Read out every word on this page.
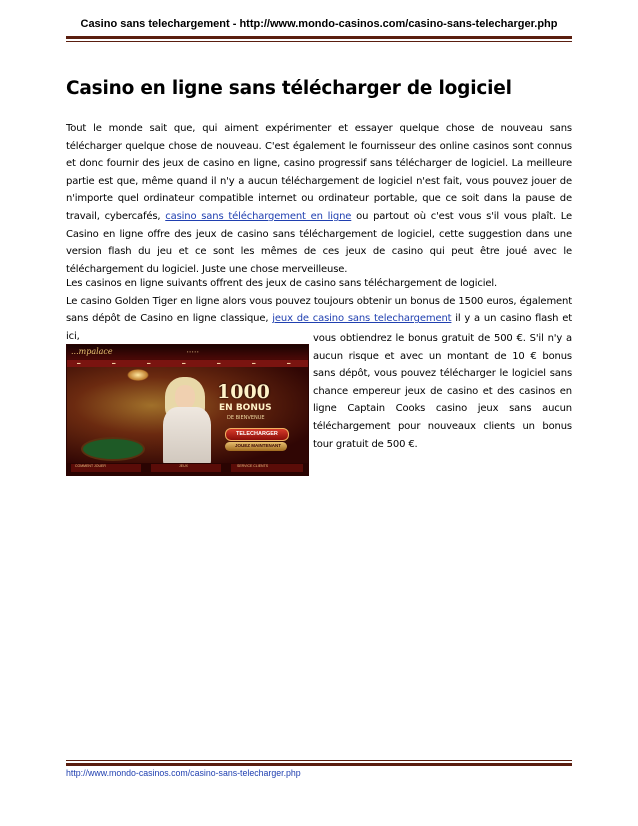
Casino sans telechargement - http://www.mondo-casinos.com/casino-sans-telecharger.php
Casino en ligne sans télécharger de logiciel
Tout le monde sait que, qui aiment expérimenter et essayer quelque chose de nouveau sans télécharger quelque chose de nouveau. C'est également le fournisseur des online casinos sont connus et donc fournir des jeux de casino en ligne, casino progressif sans télécharger de logiciel. La meilleure partie est que, même quand il n'y a aucun téléchargement de logiciel n'est fait, vous pouvez jouer de n'importe quel ordinateur compatible internet ou ordinateur portable, que ce soit dans la pause de travail, cybercafés, casino sans téléchargement en ligne ou partout où c'est vous s'il vous plaît. Le Casino en ligne offre des jeux de casino sans téléchargement de logiciel, cette suggestion dans une version flash du jeu et ce sont les mêmes de ces jeux de casino qui peut être joué avec le téléchargement du logiciel. Juste une chose merveilleuse.
Les casinos en ligne suivants offrent des jeux de casino sans téléchargement de logiciel.
Le casino Golden Tiger en ligne alors vous pouvez toujours obtenir un bonus de 1500 euros, également sans dépôt de Casino en ligne classique, jeux de casino sans telechargement il y a un casino flash et ici,
...mpalace	▪ ▪ ▪ ▪ ▪
▬	▬	▬	▬	▬	▬	▬
1000
EN BONUS
DE BIENVENUE
TELECHARGER
JOUEZ MAINTENANT
COMMENT JOUER	JEUX	SERVICE CLIENTS
vous obtiendrez le bonus gratuit de 500 €. S'il n'y a aucun risque et avec un montant de 10 € bonus sans dépôt, vous pouvez télécharger le logiciel sans chance empereur jeux de casino et des casinos en ligne Captain Cooks casino jeux sans aucun téléchargement pour nouveaux clients un bonus tour gratuit de 500 €.
http://www.mondo-casinos.com/casino-sans-telecharger.php
